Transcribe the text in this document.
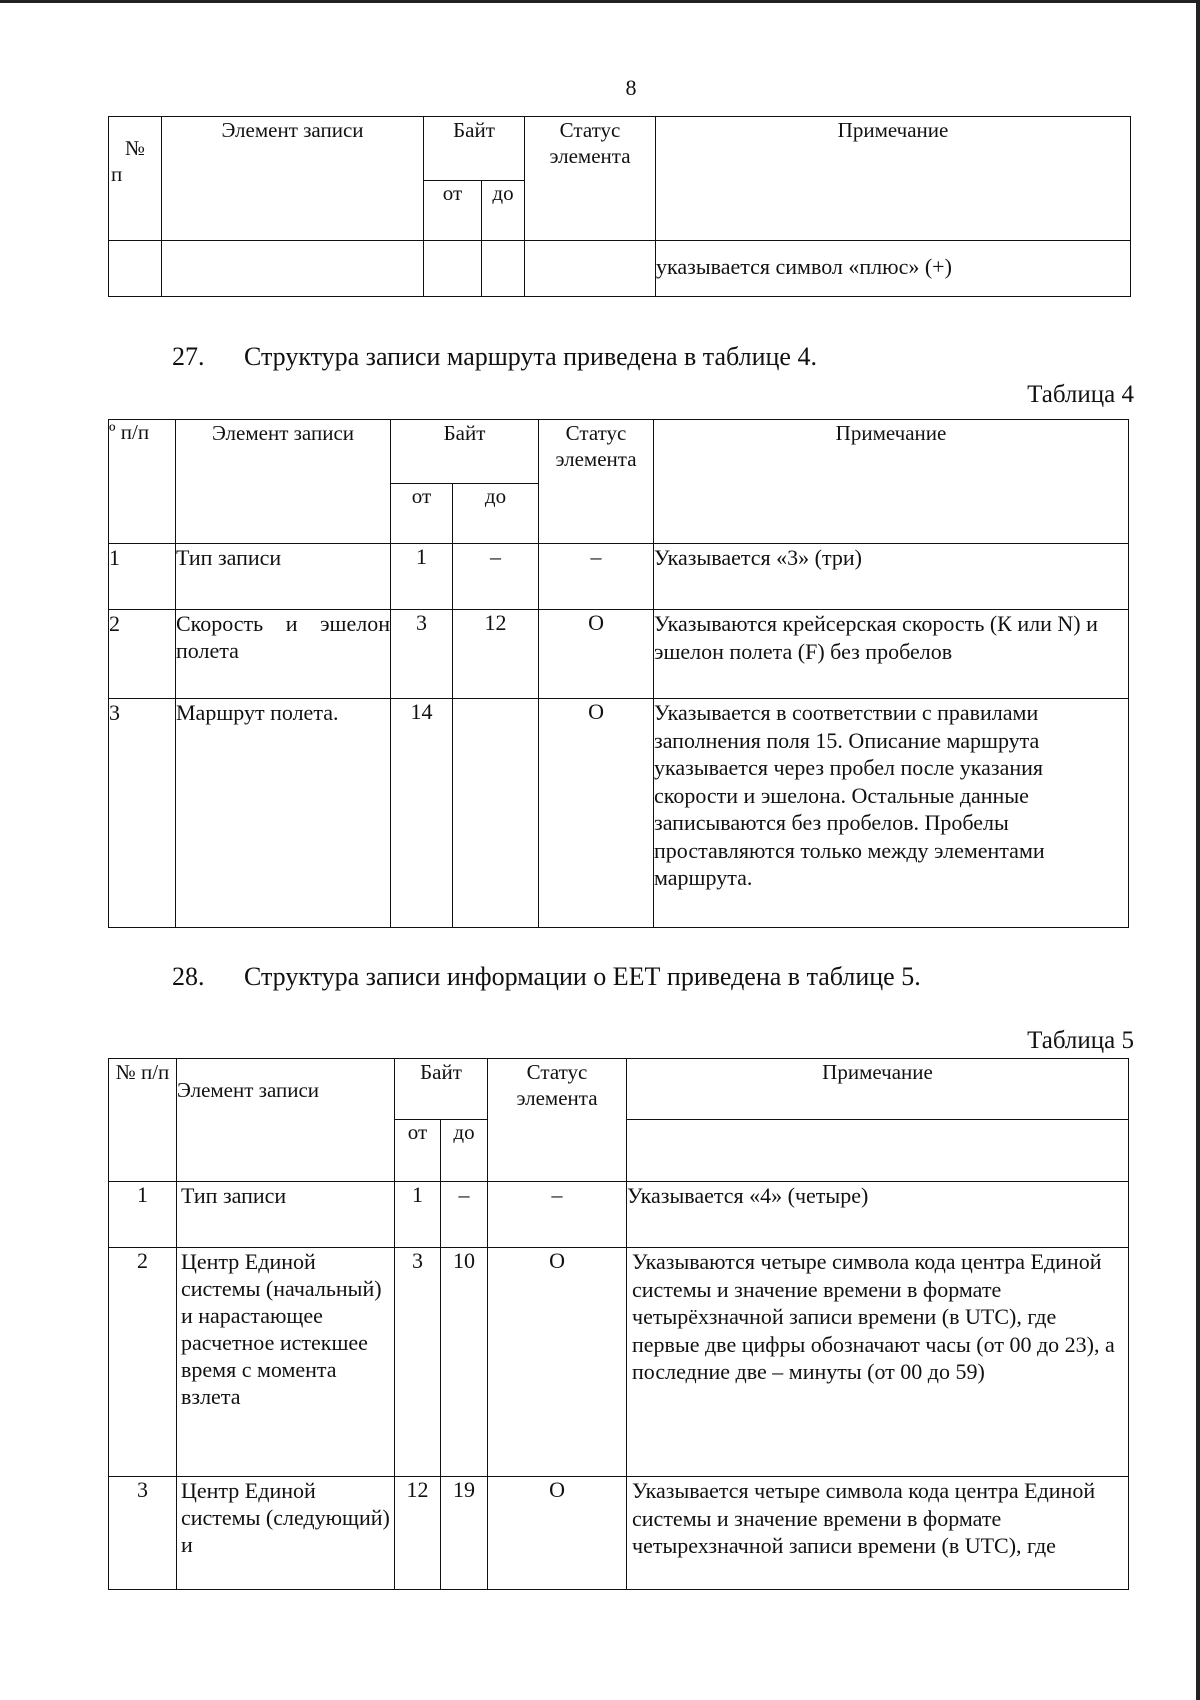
8
№
п	Элемент записи	Байт		Статус элемента	Примечание
		от	до		
					указывается символ «плюс» (+)
27. Структура записи маршрута приведена в таблице 4.
Таблица 4
º п/п	Элемент записи	Байт		Статус элемента	Примечание
		от	до		
1	Тип записи	1	–	–	Указывается «3» (три)
2	Скорость и эшелон полета	3	12	О	Указываются крейсерская скорость (К или N) и эшелон полета (F) без пробелов
3	Маршрут полета.	14		О	Указывается в соответствии с правилами заполнения поля 15. Описание маршрута указывается через пробел после указания скорости и эшелона. Остальные данные записываются без пробелов. Пробелы проставляются только между элементами маршрута.
28. Структура записи информации о ЕЕТ приведена в таблице 5.
Таблица 5
№ п/п	Элемент записи	Байт		Статус элемента	Примечание
		от	до		
1	Тип записи	1	–	–	Указывается «4» (четыре)
2	Центр Единой системы (начальный) и нарастающее расчетное истекшее время с момента взлета	3	10	О	Указываются четыре символа кода центра Единой системы и значение времени в формате четырёхзначной записи времени (в UTC), где первые две цифры обозначают часы (от 00 до 23), а последние две – минуты (от 00 до 59)
3	Центр Единой системы (следующий) и	12	19	О	Указывается четыре символа кода центра Единой системы и значение времени в формате четырехзначной записи времени (в UTC), где
